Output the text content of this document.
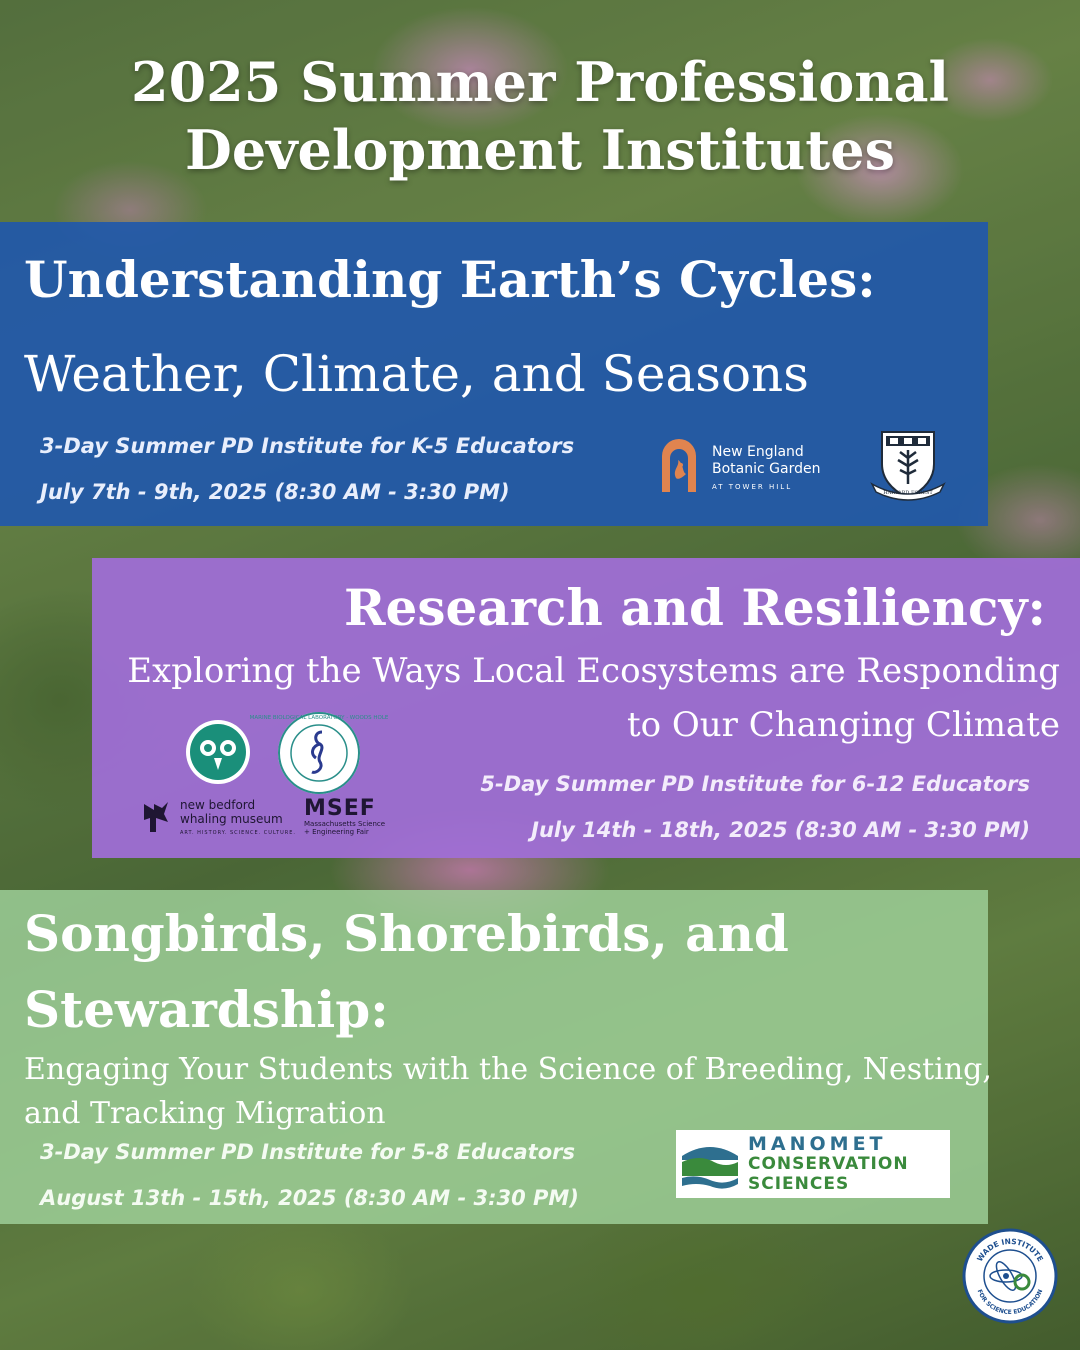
2025 Summer Professional
Development Institutes
Understanding Earth’s Cycles:
Weather, Climate, and Seasons
3-Day Summer PD Institute for K-5 Educators
July 7th - 9th, 2025 (8:30 AM - 3:30 PM)
New England
Botanic Garden
AT TOWER HILL
HARVARD FOREST
Research and Resiliency:
Exploring the Ways Local Ecosystems are Responding
to Our Changing Climate
5-Day Summer PD Institute for 6-12 Educators
July 14th - 18th, 2025 (8:30 AM - 3:30 PM)
MARINE BIOLOGICAL LABORATORY · WOODS HOLE
new bedford
whaling museum
ART. HISTORY. SCIENCE. CULTURE.
MSEF
Massachusetts Science
+ Engineering Fair
Songbirds, Shorebirds, and
Stewardship:
Engaging Your Students with the Science of Breeding, Nesting,
and Tracking Migration
3-Day Summer PD Institute for 5-8 Educators
August 13th - 15th, 2025 (8:30 AM - 3:30 PM)
MANOMET
CONSERVATION
SCIENCES
WADE INSTITUTE
FOR SCIENCE EDUCATION
